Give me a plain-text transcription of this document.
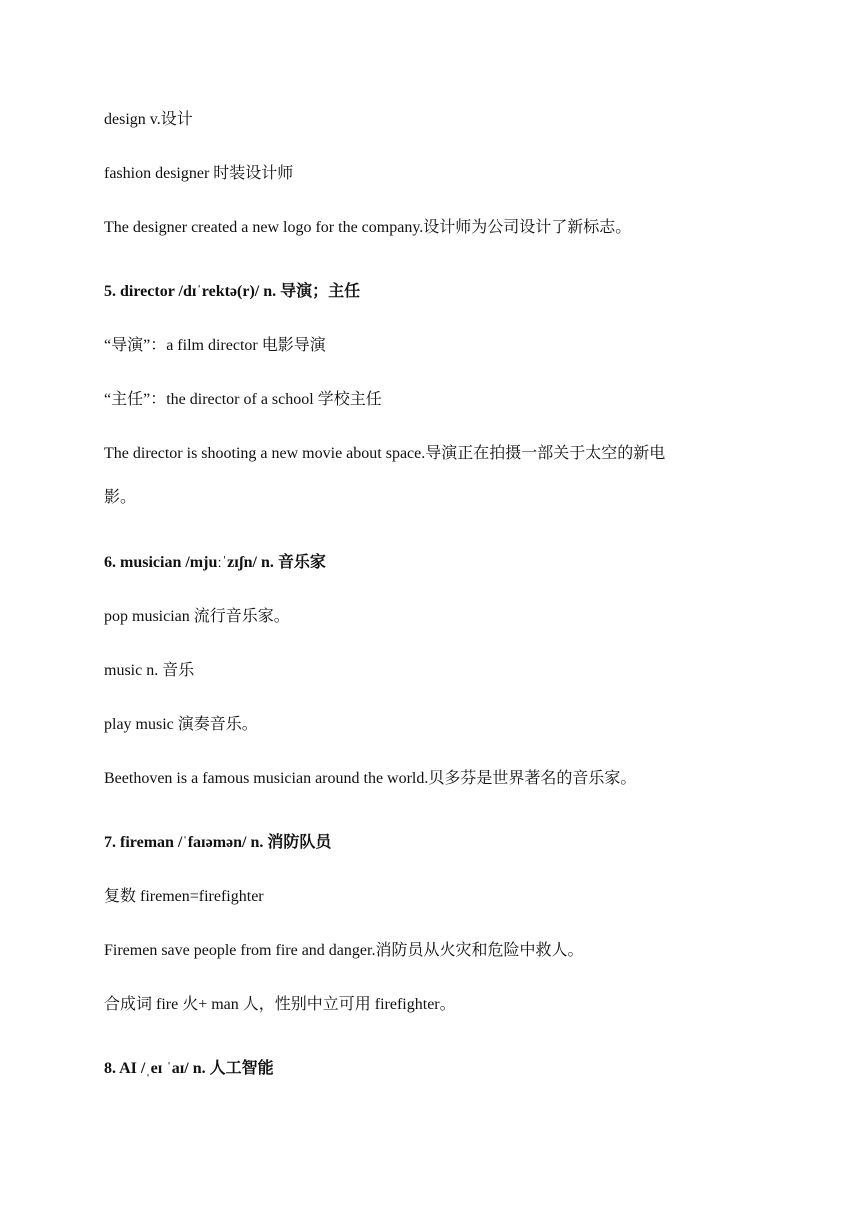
design v.设计
fashion designer 时装设计师
The designer created a new logo for the company.设计师为公司设计了新标志。
5. director /dɪˈrektə(r)/ n. 导演；主任
“导演”：a film director 电影导演
“主任”：the director of a school 学校主任
The director is shooting a new movie about space.导演正在拍摄一部关于太空的新电
影。
6. musician /mjuːˈzɪʃn/ n. 音乐家
pop musician 流行音乐家。
music n. 音乐
play music 演奏音乐。
Beethoven is a famous musician around the world.贝多芬是世界著名的音乐家。
7. fireman /ˈfaɪəmən/ n. 消防队员
复数 firemen=firefighter
Firemen save people from fire and danger.消防员从火灾和危险中救人。
合成词 fire 火+ man 人，性别中立可用 firefighter。
8. AI /ˌeɪ ˈaɪ/ n. 人工智能
